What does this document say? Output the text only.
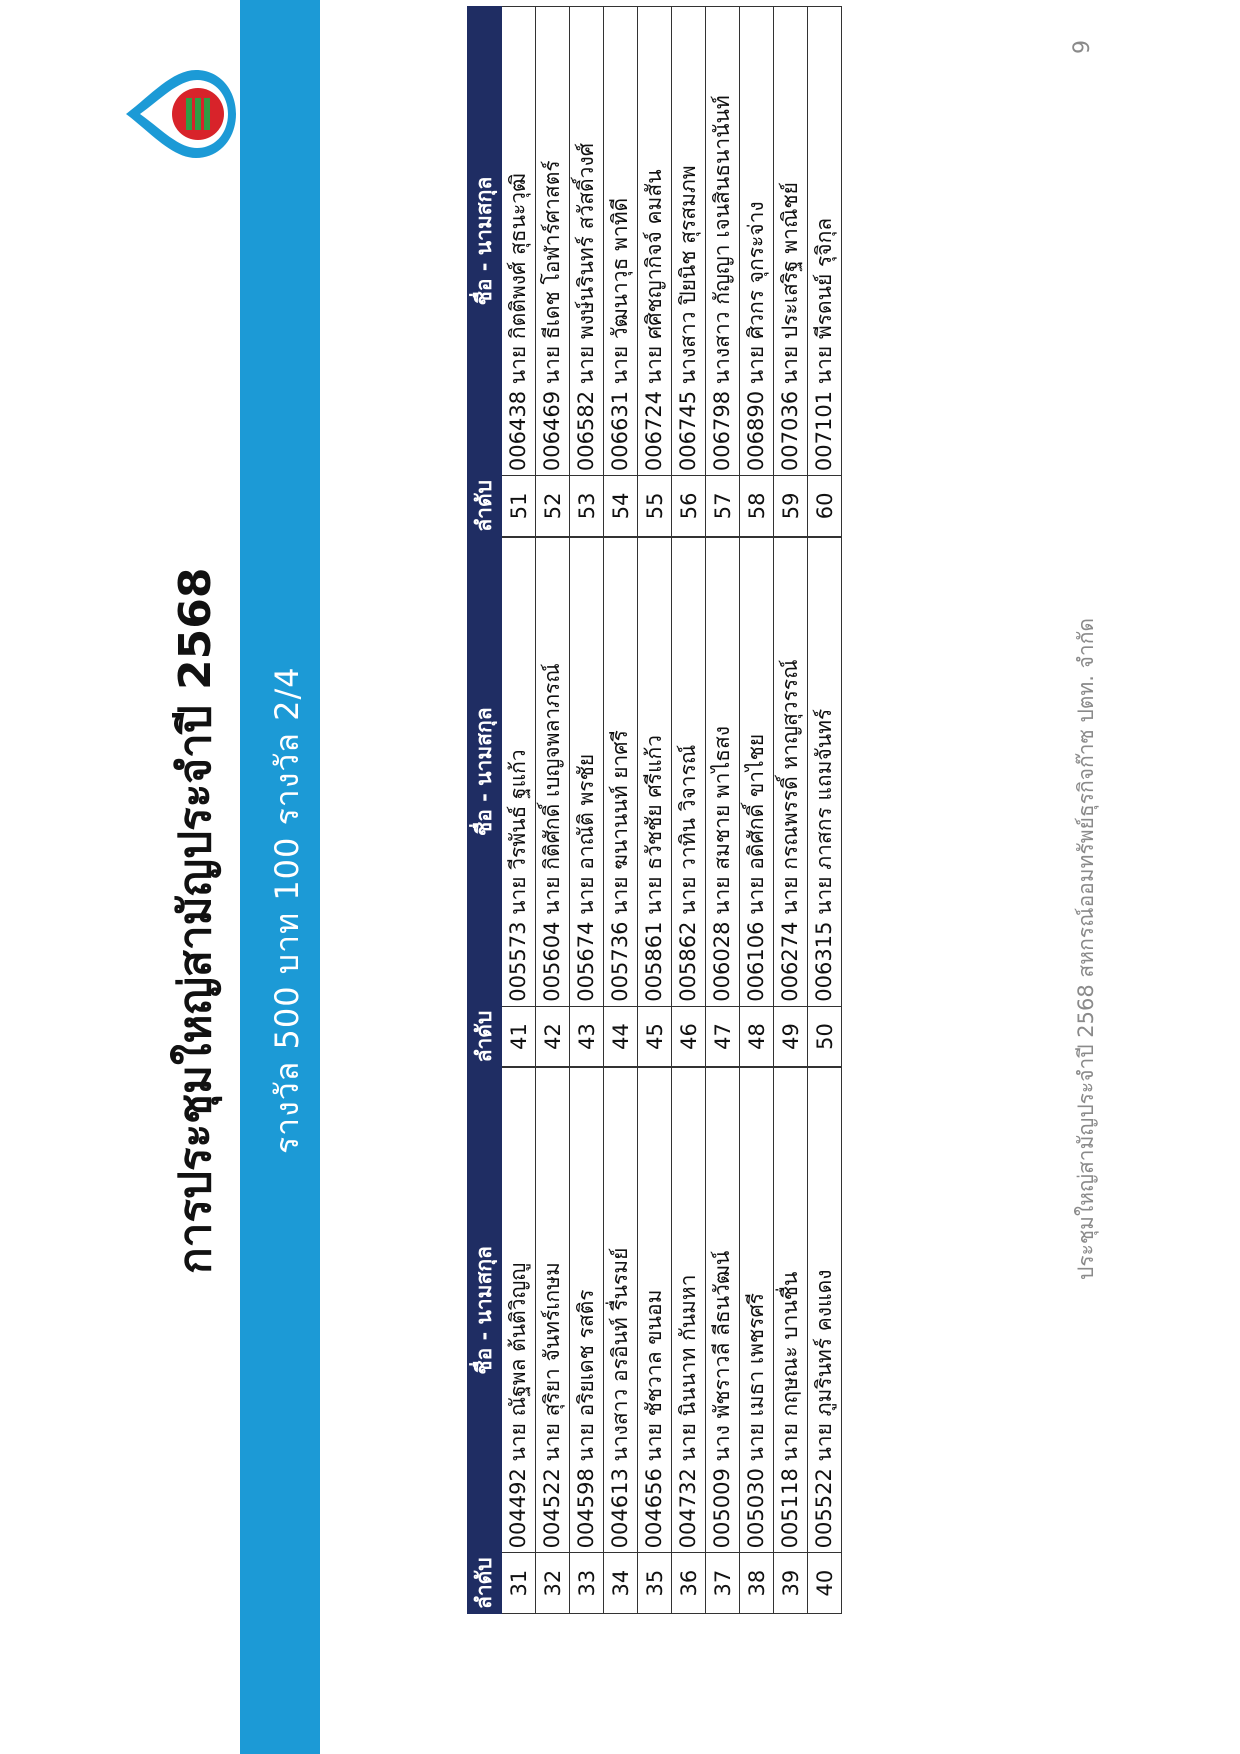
การประชุมใหญ่สามัญประจำปี 2568 รางวัล 500 บาท 100 รางวัล 2/4
ลำดับ	ชื่อ - นามสกุล
31	004492 นาย ณัฐพล ต้นติวิญญู
32	004522 นาย สุริยา จันทร์เกษม
33	004598 นาย อริยเดช รสติร
34	004613 นางสาว อรอินท์ รื่นรมย์
35	004656 นาย ชัชวาล ขนอม
36	004732 นาย นินนาท กันมหา
37	005009 นาง พัชราวลี ลีธนวัฒน์
38	005030 นาย เมธา เพชรศรี
39	005118 นาย กฤษณะ บานชื่น
40	005522 นาย ภูมรินทร์ คงแดง
ลำดับ	ชื่อ - นามสกุล
41	005573 นาย วีรพันธ์ ฐแก้ว
42	005604 นาย กิติศักดิ์ เบญจพลาภรณ์
43	005674 นาย อาณัติ พรชัย
44	005736 นาย ฆนานนท์ ยาศรี
45	005861 นาย ธวัชชัย ศรีแก้ว
46	005862 นาย วาทิน วิจารณ์
47	006028 นาย สมชาย พาไธสง
48	006106 นาย อดิศักดิ์ ขาไชย
49	006274 นาย กรณพรรดิ์ หาญสุวรรณ์
50	006315 นาย ภาสกร แถมจันทร์
ลำดับ	ชื่อ - นามสกุล
51	006438 นาย กิตติพงศ์ สุธนะวุฒิ
52	006469 นาย ธีเดช โอฬาร์ศาสตร์
53	006582 นาย พงษ์นรินทร์ สวัสดิ์วงศ์
54	006631 นาย วัฒนาวุธ พาทิดี
55	006724 นาย ศศิชญากิจจ์ คมสัน
56	006745 นางสาว ปิยนิช สุรสมภพ
57	006798 นางสาว กัญญา เจนสินธนานันท์
58	006890 นาย ศิวกร จุกระจ่าง
59	007036 นาย ประเสริฐ พาณิชย์
60	007101 นาย พีรดนย์ รุจิกุล
ประชุมใหญ่สามัญประจำปี 2568 สหกรณ์ออมทรัพย์ธุรกิจก๊าซ ปตท. จำกัด
9
